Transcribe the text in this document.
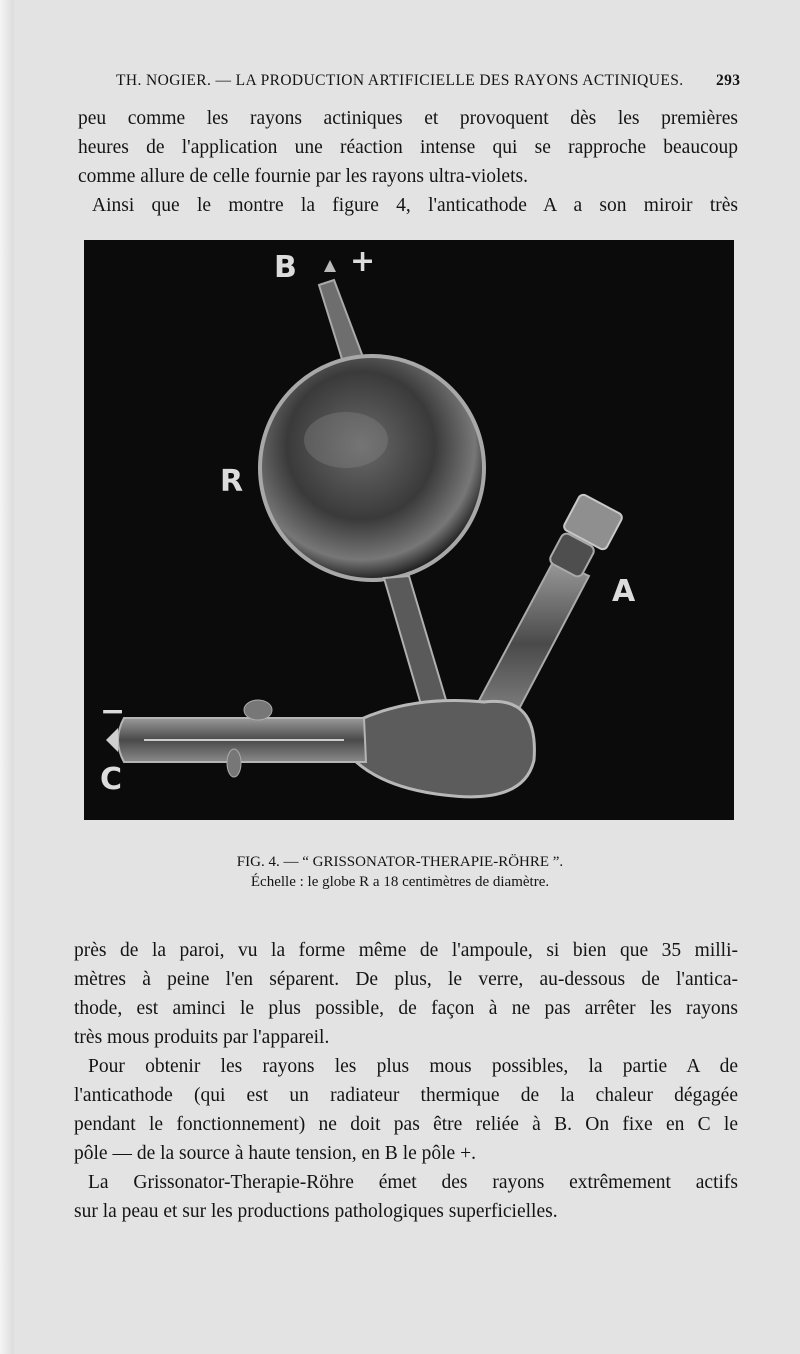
TH. NOGIER. — LA PRODUCTION ARTIFICIELLE DES RAYONS ACTINIQUES. 293
peu comme les rayons actiniques et provoquent dès les premières
heures de l'application une réaction intense qui se rapproche beaucoup
comme allure de celle fournie par les rayons ultra-violets.
Ainsi que le montre la figure 4, l'anticathode A a son miroir très
B +
R
A
−
C
FIG. 4. — “ GRISSONATOR-THERAPIE-RÖHRE ”.
Échelle : le globe R a 18 centimètres de diamètre.
près de la paroi, vu la forme même de l'ampoule, si bien que 35 milli-
mètres à peine l'en séparent. De plus, le verre, au-dessous de l'antica-
thode, est aminci le plus possible, de façon à ne pas arrêter les rayons
très mous produits par l'appareil.
Pour obtenir les rayons les plus mous possibles, la partie A de
l'anticathode (qui est un radiateur thermique de la chaleur dégagée
pendant le fonctionnement) ne doit pas être reliée à B. On fixe en C le
pôle — de la source à haute tension, en B le pôle +.
La Grissonator-Therapie-Röhre émet des rayons extrêmement actifs
sur la peau et sur les productions pathologiques superficielles.
